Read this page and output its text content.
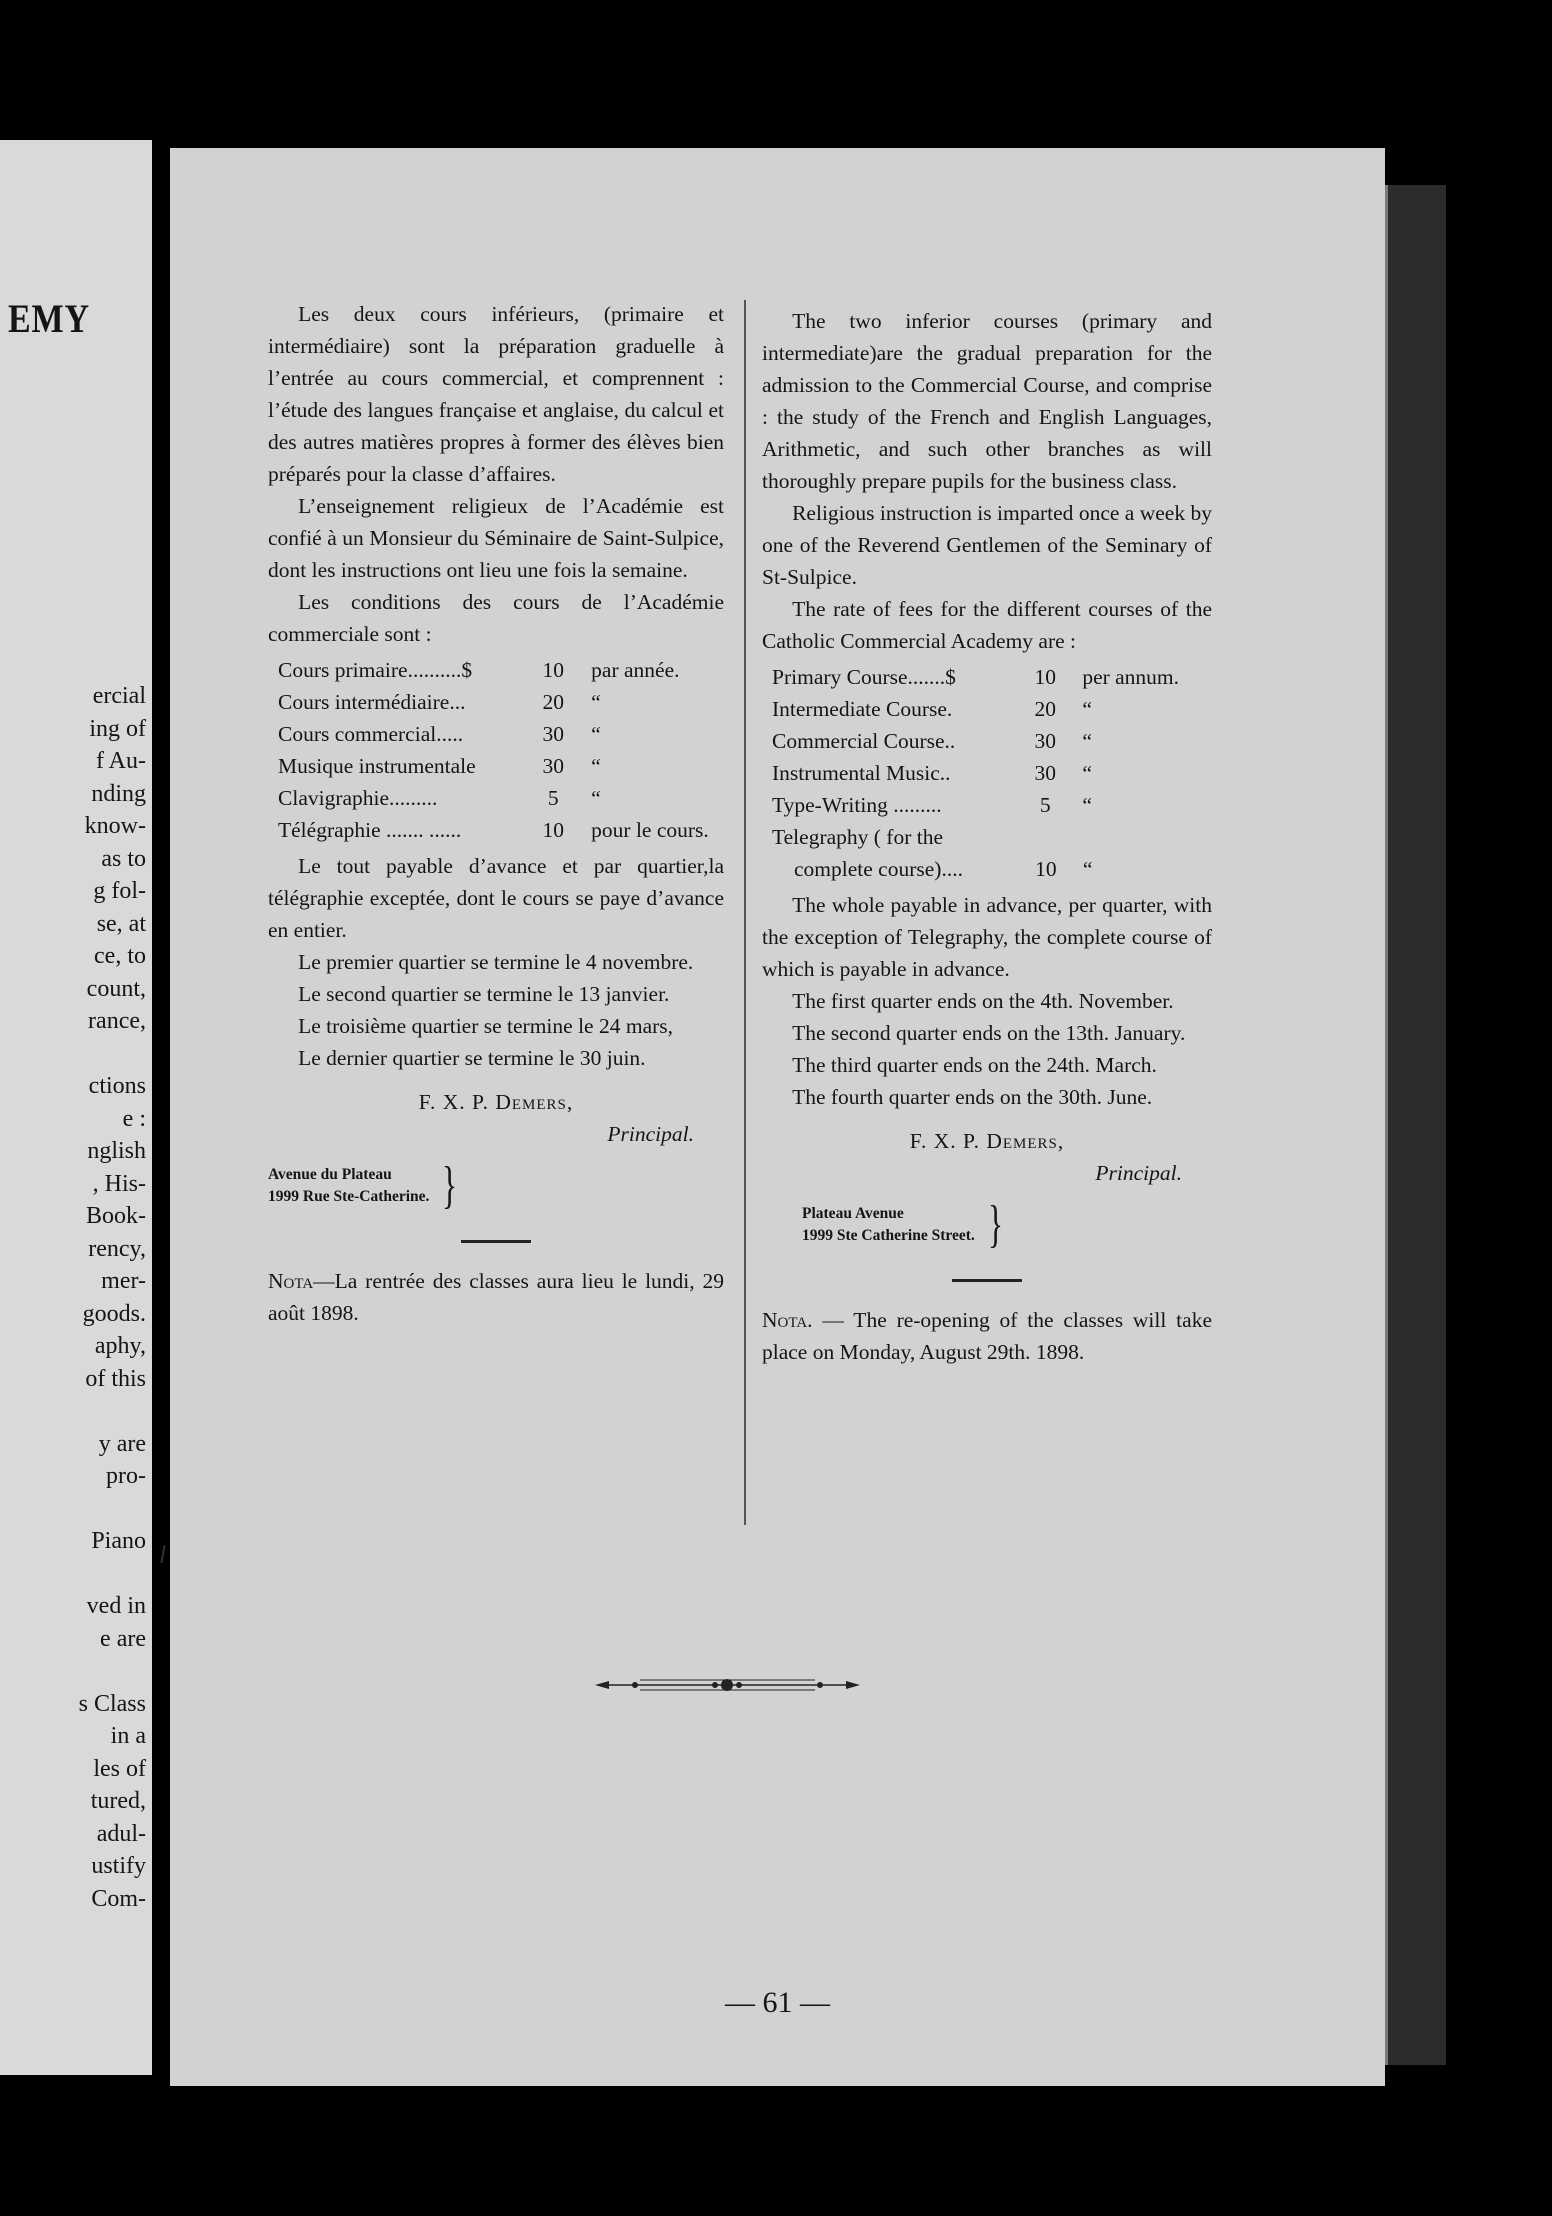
EMY
ercial
ing of
f Au-
nding
know-
as to
g fol-
se, at
ce, to
count,
rance,
ctions
e :
nglish
, His-
Book-
rency,
mer-
goods.
aphy,
of this
y are
pro-
Piano
ved in
e are
s Class
in a
les of
tured,
adul-
ustify
Com-
— 61 —

Les deux cours inférieurs, (primaire et intermédiaire) sont la préparation graduelle à l’entrée au cours commercial, et comprennent : l’étude des langues française et anglaise, du calcul et des autres matières propres à former des élèves bien préparés pour la classe d’affaires.

L’enseignement religieux de l’Académie est confié à un Monsieur du Séminaire de Saint-Sulpice, dont les instructions ont lieu une fois la semaine.

Les conditions des cours de l’Académie commerciale sont :

Cours primaire..........$	10	par année.
Cours intermédiaire...	20	“
Cours commercial.....	30	“
Musique instrumentale	30	“
Clavigraphie.........	5	“
Télégraphie ....... ......	10	pour le cours.

Le tout payable d’avance et par quartier,la télégraphie exceptée, dont le cours se paye d’avance en entier.

Le premier quartier se termine le 4 novembre.

Le second quartier se termine le 13 janvier.

Le troisième quartier se termine le 24 mars,

Le dernier quartier se termine le 30 juin.

F. X. P. Demers,
Principal.
Avenue du Plateau
1999 Rue Ste-Catherine. }

Nota—La rentrée des classes aura lieu le lundi, 29 août 1898.

The two inferior courses (primary and intermediate)are the gradual preparation for the admission to the Commercial Course, and comprise : the study of the French and English Languages, Arithmetic, and such other branches as will thoroughly prepare pupils for the business class.

Religious instruction is imparted once a week by one of the Reverend Gentlemen of the Seminary of St-Sulpice.

The rate of fees for the different courses of the Catholic Commercial Academy are :

Primary Course.......$	10	per annum.
Intermediate Course.	20	“
Commercial Course..	30	“
Instrumental Music..	30	“
Type-Writing .........	5	“
Telegraphy ( for the
complete course)....	10	“

The whole payable in advance, per quarter, with the exception of Telegraphy, the complete course of which is payable in advance.

The first quarter ends on the 4th. November.

The second quarter ends on the 13th. January.

The third quarter ends on the 24th. March.

The fourth quarter ends on the 30th. June.

F. X. P. Demers,
Principal.
Plateau Avenue
1999 Ste Catherine Street. }

Nota. — The re-opening of the classes will take place on Monday, August 29th. 1898.
